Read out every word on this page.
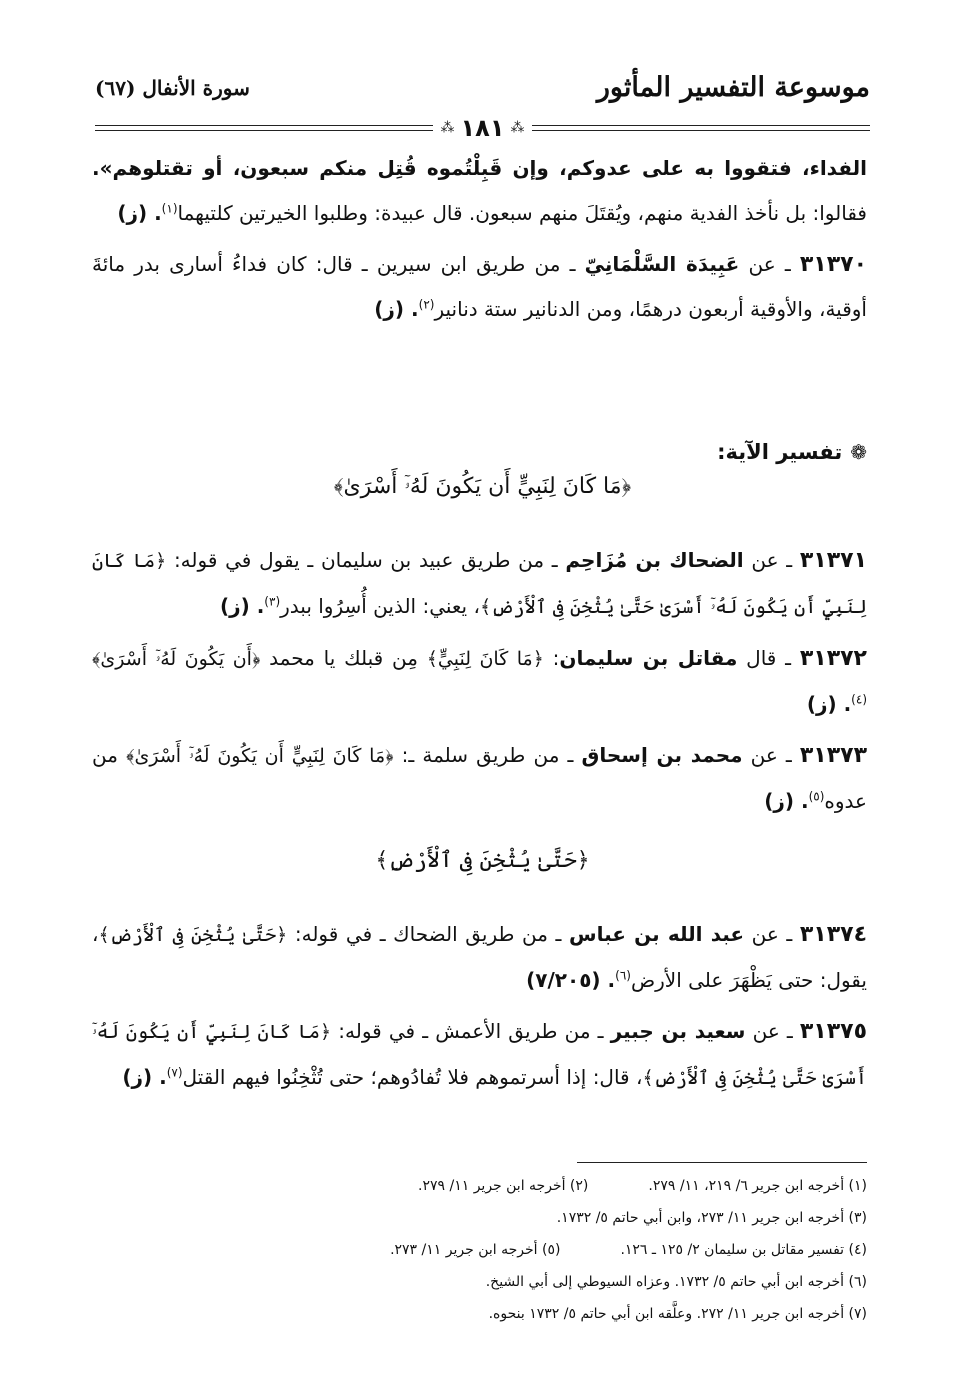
موسوعة التفسير المأثور
سورة الأنفال (٦٧)
⁂ ١٨١ ⁂

الفداء، فتقووا به على عدوكم، وإن قَبِلْتُموه قُتِل منكم سبعون، أو تقتلوهم». فقالوا: بل نأخذ الفدية منهم، ويُقتَلَ منهم سبعون. قال عبيدة: وطلبوا الخيرتين كلتيهما$^{(١)}$. (ز)

٣١٣٧٠ ـ عن عَبِيدَة السَّلْمَانِيّ ـ من طريق ابن سيرين ـ قال: كان فداءُ أسارى بدر مائةَ أوقية، والأوقية أربعون درهمًا، ومن الدنانير ستة دنانير$^{(٢)}$. (ز)

❁
تفسير الآية:
﴿مَا كَانَ لِنَبِيٍّ أَن يَكُونَ لَهُۥٓ أَسْرَىٰ﴾

٣١٣٧١ ـ عن الضحاك بن مُزَاحِم ـ من طريق عبيد بن سليمان ـ يقول في قوله: ﴿مَا كَانَ لِنَبِيٍّ أَن يَكُونَ لَهُۥٓ أَسْرَىٰ حَتَّىٰ يُثْخِنَ فِى ٱلْأَرْضِ﴾، يعني: الذين أُسِرُوا ببدر$^{(٣)}$. (ز)

٣١٣٧٢ ـ قال مقاتل بن سليمان: ﴿مَا كَانَ لِنَبِيٍّ﴾ مِن قبلك يا محمد ﴿أَن يَكُونَ لَهُۥٓ أَسْرَىٰ﴾$^{(٤)}$. (ز)

٣١٣٧٣ ـ عن محمد بن إسحاق ـ من طريق سلمة ـ: ﴿مَا كَانَ لِنَبِيٍّ أَن يَكُونَ لَهُۥٓ أَسْرَىٰ﴾ من عدوه$^{(٥)}$. (ز)

﴿حَتَّىٰ يُثْخِنَ فِى ٱلْأَرْضِ﴾

٣١٣٧٤ ـ عن عبد الله بن عباس ـ من طريق الضحاك ـ في قوله: ﴿حَتَّىٰ يُثْخِنَ فِى ٱلْأَرْضِ﴾، يقول: حتى يَظْهَرَ على الأرض$^{(٦)}$. (٧/٢٠٥)

٣١٣٧٥ ـ عن سعيد بن جبير ـ من طريق الأعمش ـ في قوله: ﴿مَا كَانَ لِنَبِيٍّ أَن يَكُونَ لَهُۥٓ أَسْرَىٰ حَتَّىٰ يُثْخِنَ فِى ٱلْأَرْضِ﴾، قال: إذا أسرتموهم فلا تُفادُوهم؛ حتى تُثْخِنُوا فيهم القتل$^{(٧)}$. (ز)

(١) أخرجه ابن جرير ٦/ ٢١٩، ١١/ ٢٧٩.
(٢) أخرجه ابن جرير ١١/ ٢٧٩.
(٣) أخرجه ابن جرير ١١/ ٢٧٣، وابن أبي حاتم ٥/ ١٧٣٢.
(٤) تفسير مقاتل بن سليمان ٢/ ١٢٥ ـ ١٢٦.
(٥) أخرجه ابن جرير ١١/ ٢٧٣.
(٦) أخرجه ابن أبي حاتم ٥/ ١٧٣٢. وعزاه السيوطي إلى أبي الشيخ.
(٧) أخرجه ابن جرير ١١/ ٢٧٢. وعلَّقه ابن أبي حاتم ٥/ ١٧٣٢ بنحوه.
